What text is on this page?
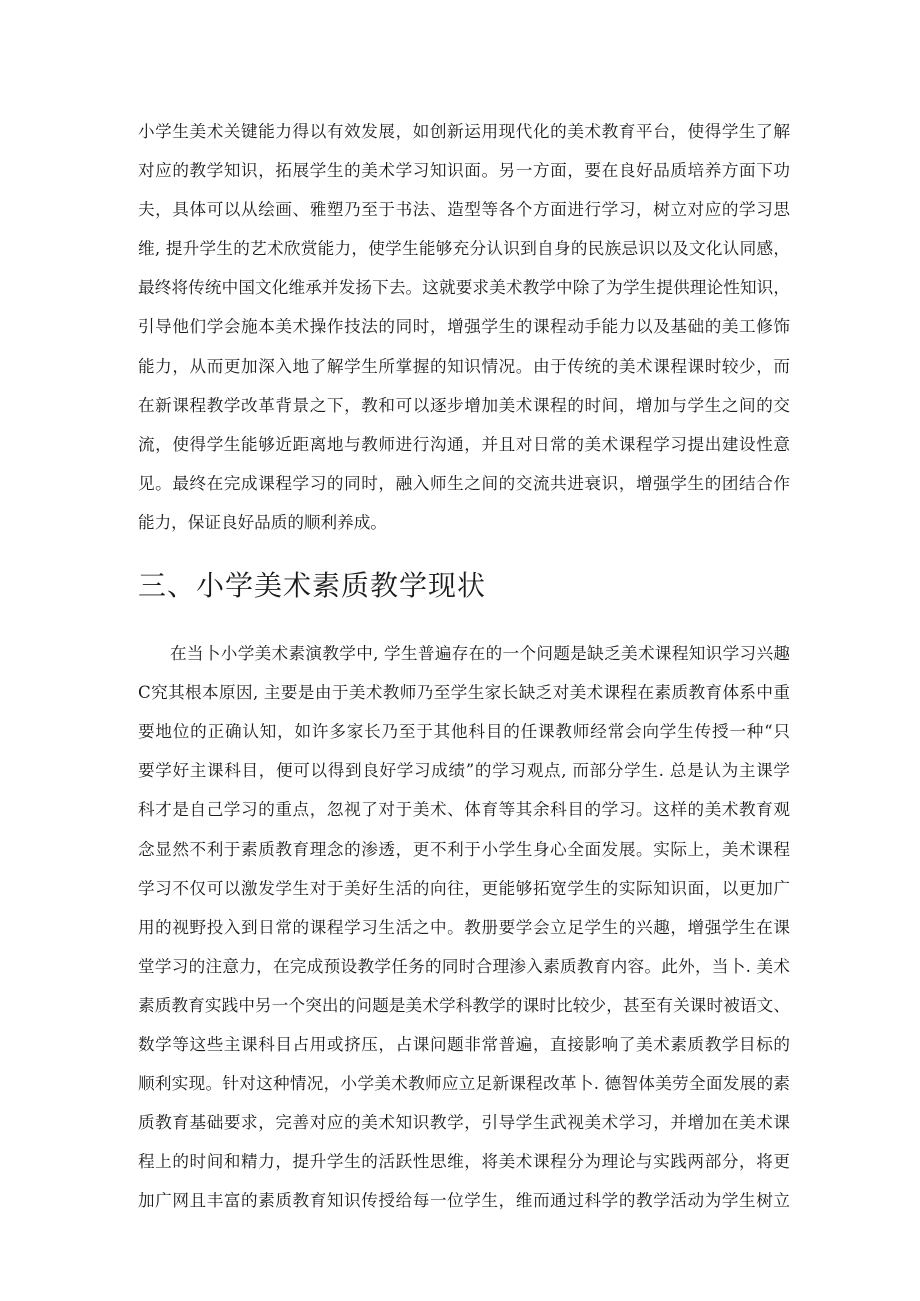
小学生美术关键能力得以有效发展，如创新运用现代化的美术教育平台，使得学生了解
对应的教学知识，拓展学生的美术学习知识面。另一方面，要在良好品质培养方面下功
夫，具体可以从绘画、雅塑乃至于书法、造型等各个方面进行学习，树立对应的学习思
维, 提升学生的艺术欣赏能力，使学生能够充分认识到自身的民族忌识以及文化认同感，
最终将传统中国文化维承并发扬下去。这就要求美术教学中除了为学生提供理论性知识，
引导他们学会施本美术操作技法的同时，增强学生的课程动手能力以及基础的美工修饰
能力，从而更加深入地了解学生所掌握的知识情况。由于传统的美术课程课时较少，而
在新课程教学改革背景之下，教和可以逐步增加美术课程的时间，增加与学生之间的交
流，使得学生能够近距离地与教师进行沟通，并且对日常的美术课程学习提出建设性意
见。最终在完成课程学习的同时，融入师生之间的交流共进衰识，增强学生的团结合作
能力，保证良好品质的顺利养成。
三、小学美术素质教学现状
在当卜小学美术素演教学中, 学生普遍存在的一个问题是缺乏美术课程知识学习兴趣
C究其根本原因, 主要是由于美术教师乃至学生家长缺乏对美术课程在素质教育体系中重
要地位的正确认知，如许多家长乃至于其他科目的任课教师经常会向学生传授一种“只
要学好主课科目，便可以得到良好学习成绩”的学习观点, 而部分学生. 总是认为主课学
科才是自己学习的重点，忽视了对于美术、体育等其余科目的学习。这样的美术教育观
念显然不利于素质教育理念的渗透，更不利于小学生身心全面发展。实际上，美术课程
学习不仅可以激发学生对于美好生活的向往，更能够拓宽学生的实际知识面，以更加广
用的视野投入到日常的课程学习生活之中。教册要学会立足学生的兴趣，增强学生在课
堂学习的注意力，在完成预设教学任务的同时合理渗入素质教育内容。此外，当卜. 美术
素质教育实践中另一个突出的问题是美术学科教学的课时比较少，甚至有关课时被语文、
数学等这些主课科目占用或挤压，占课问题非常普遍，直接影响了美术素质教学目标的
顺利实现。针对这种情况，小学美术教师应立足新课程改革卜. 德智体美劳全面发展的素
质教育基础要求，完善对应的美术知识教学，引导学生武视美术学习，并增加在美术课
程上的时间和精力，提升学生的活跃性思维，将美术课程分为理论与实践两部分，将更
加广网且丰富的素质教育知识传授给每一位学生，维而通过科学的教学活动为学生树立
